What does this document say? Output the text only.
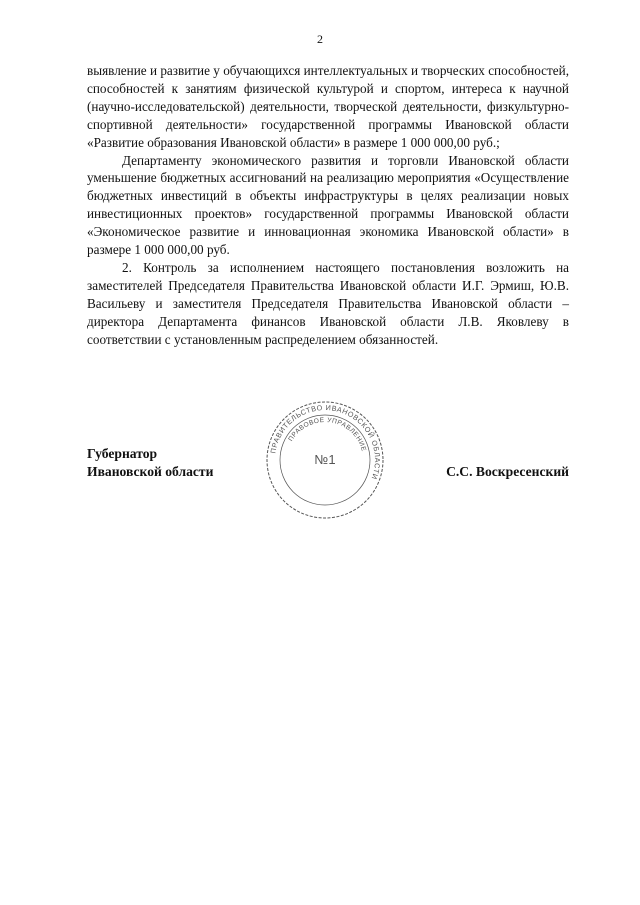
2

выявление и развитие у обучающихся интеллектуальных и творческих способностей, способностей к занятиям физической культурой и спортом, интереса к научной (научно-исследовательской) деятельности, творческой деятельности, физкультурно-спортивной деятельности» государственной программы Ивановской области «Развитие образования Ивановской области» в размере 1 000 000,00 руб.;

Департаменту экономического развития и торговли Ивановской области уменьшение бюджетных ассигнований на реализацию мероприятия «Осуществление бюджетных инвестиций в объекты инфраструктуры в целях реализации новых инвестиционных проектов» государственной программы Ивановской области «Экономическое развитие и инновационная экономика Ивановской области» в размере 1 000 000,00 руб.

2. Контроль за исполнением настоящего постановления возложить на заместителей Председателя Правительства Ивановской области И.Г. Эрмиш, Ю.В. Васильеву и заместителя Председателя Правительства Ивановской области – директора Департамента финансов Ивановской области Л.В. Яковлеву в соответствии с установленным распределением обязанностей.

Губернатор
Ивановской области
ПРАВИТЕЛЬСТВО ИВАНОВСКОЙ ОБЛАСТИ
ПРАВОВОЕ УПРАВЛЕНИЕ
№1
С.С. Воскресенский
